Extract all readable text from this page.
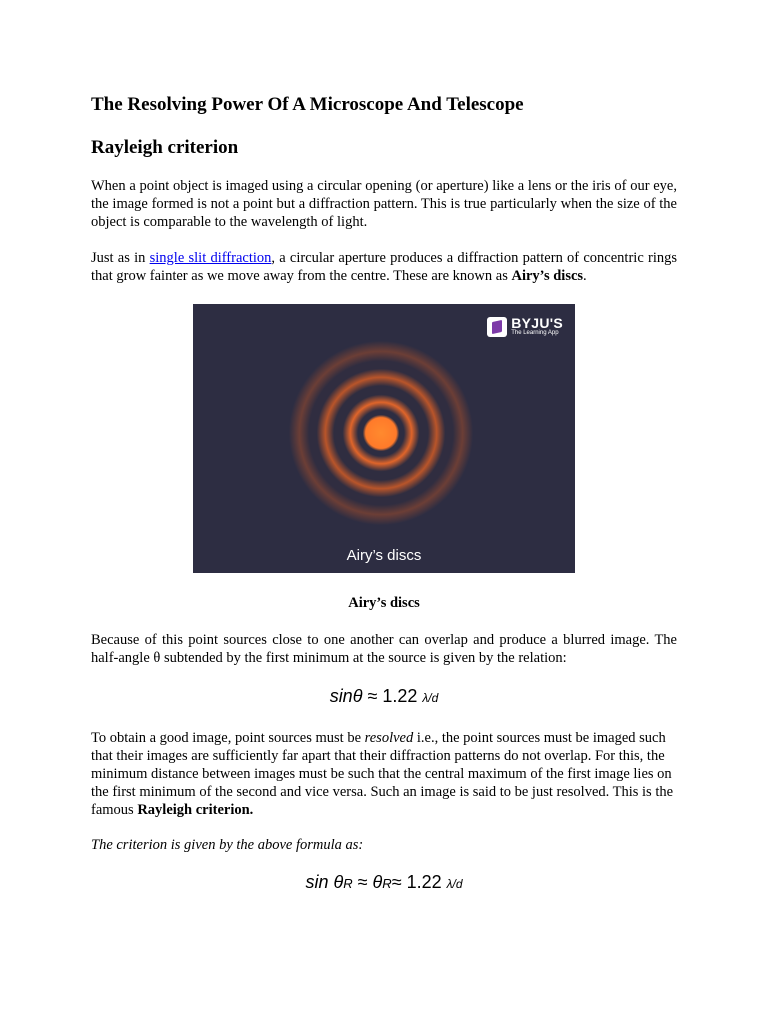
The Resolving Power Of A Microscope And Telescope
Rayleigh criterion

When a point object is imaged using a circular opening (or aperture) like a lens or the iris of our eye, the image formed is not a point but a diffraction pattern. This is true particularly when the size of the object is comparable to the wavelength of light.

Just as in single slit diffraction, a circular aperture produces a diffraction pattern of concentric rings that grow fainter as we move away from the centre. These are known as Airy’s discs.

Airy’s discs

Because of this point sources close to one another can overlap and produce a blurred image. The half-angle θ subtended by the first minimum at the source is given by the relation:

sinθ ≈ 1.22 λ/d

To obtain a good image, point sources must be resolved i.e., the point sources must be imaged such that their images are sufficiently far apart that their diffraction patterns do not overlap. For this, the minimum distance between images must be such that the central maximum of the first image lies on the first minimum of the second and vice versa. Such an image is said to be just resolved. This is the famous Rayleigh criterion.

The criterion is given by the above formula as:

sin θR ≈ θR≈ 1.22 λ/d
BYJU'S
The Learning App
Airy’s discs
